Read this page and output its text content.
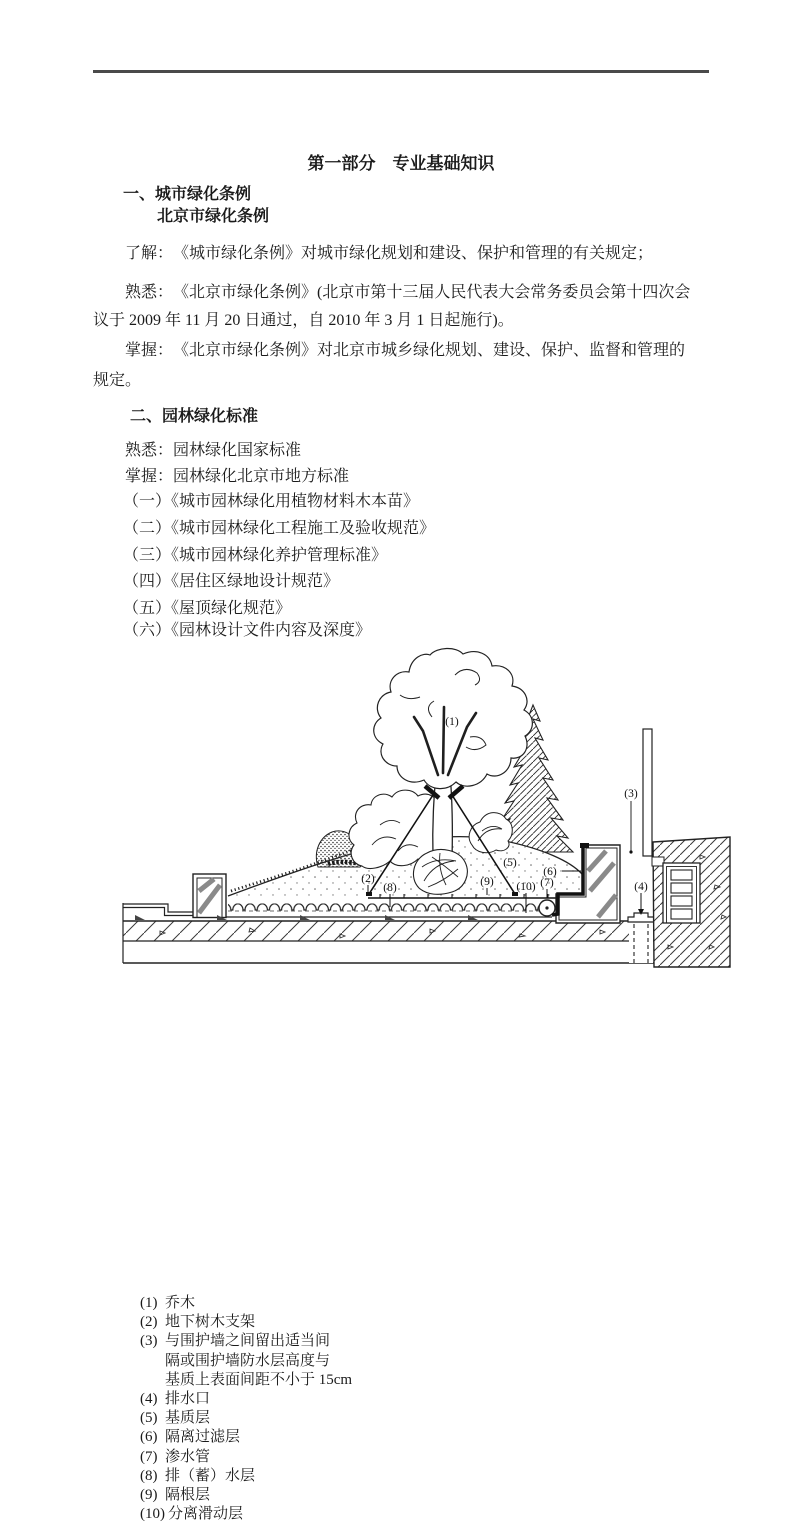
第一部分　专业基础知识
一、城市绿化条例
北京市绿化条例
了解：　《城市绿化条例》对城市绿化规划和建设、保护和管理的有关规定；
熟悉：　《北京市绿化条例》(北京市第十三届人民代表大会常务委员会第十四次会
议于 2009 年 11 月 20 日通过，自 2010 年 3 月 1 日起施行)。
掌握：　《北京市绿化条例》对北京市城乡绿化规划、建设、保护、监督和管理的
规定。
二、园林绿化标准
熟悉：园林绿化国家标准
掌握：园林绿化北京市地方标准
（一）《城市园林绿化用植物材料木本苗》
（二）《城市园林绿化工程施工及验收规范》
（三）《城市园林绿化养护管理标准》
（四）《居住区绿地设计规范》
（五）《屋顶绿化规范》
（六）《园林设计文件内容及深度》
(1)
(2)
(3)
(4)
(5)
(6)
(7)
(8)	(9) (10)
(1) 乔木
(2) 地下树木支架
(3) 与围护墙之间留出适当间
隔或围护墙防水层高度与
基质上表面间距不小于 15cm
(4) 排水口
(5) 基质层
(6) 隔离过滤层
(7) 渗水管
(8) 排（蓄）水层
(9) 隔根层
(10) 分离滑动层
